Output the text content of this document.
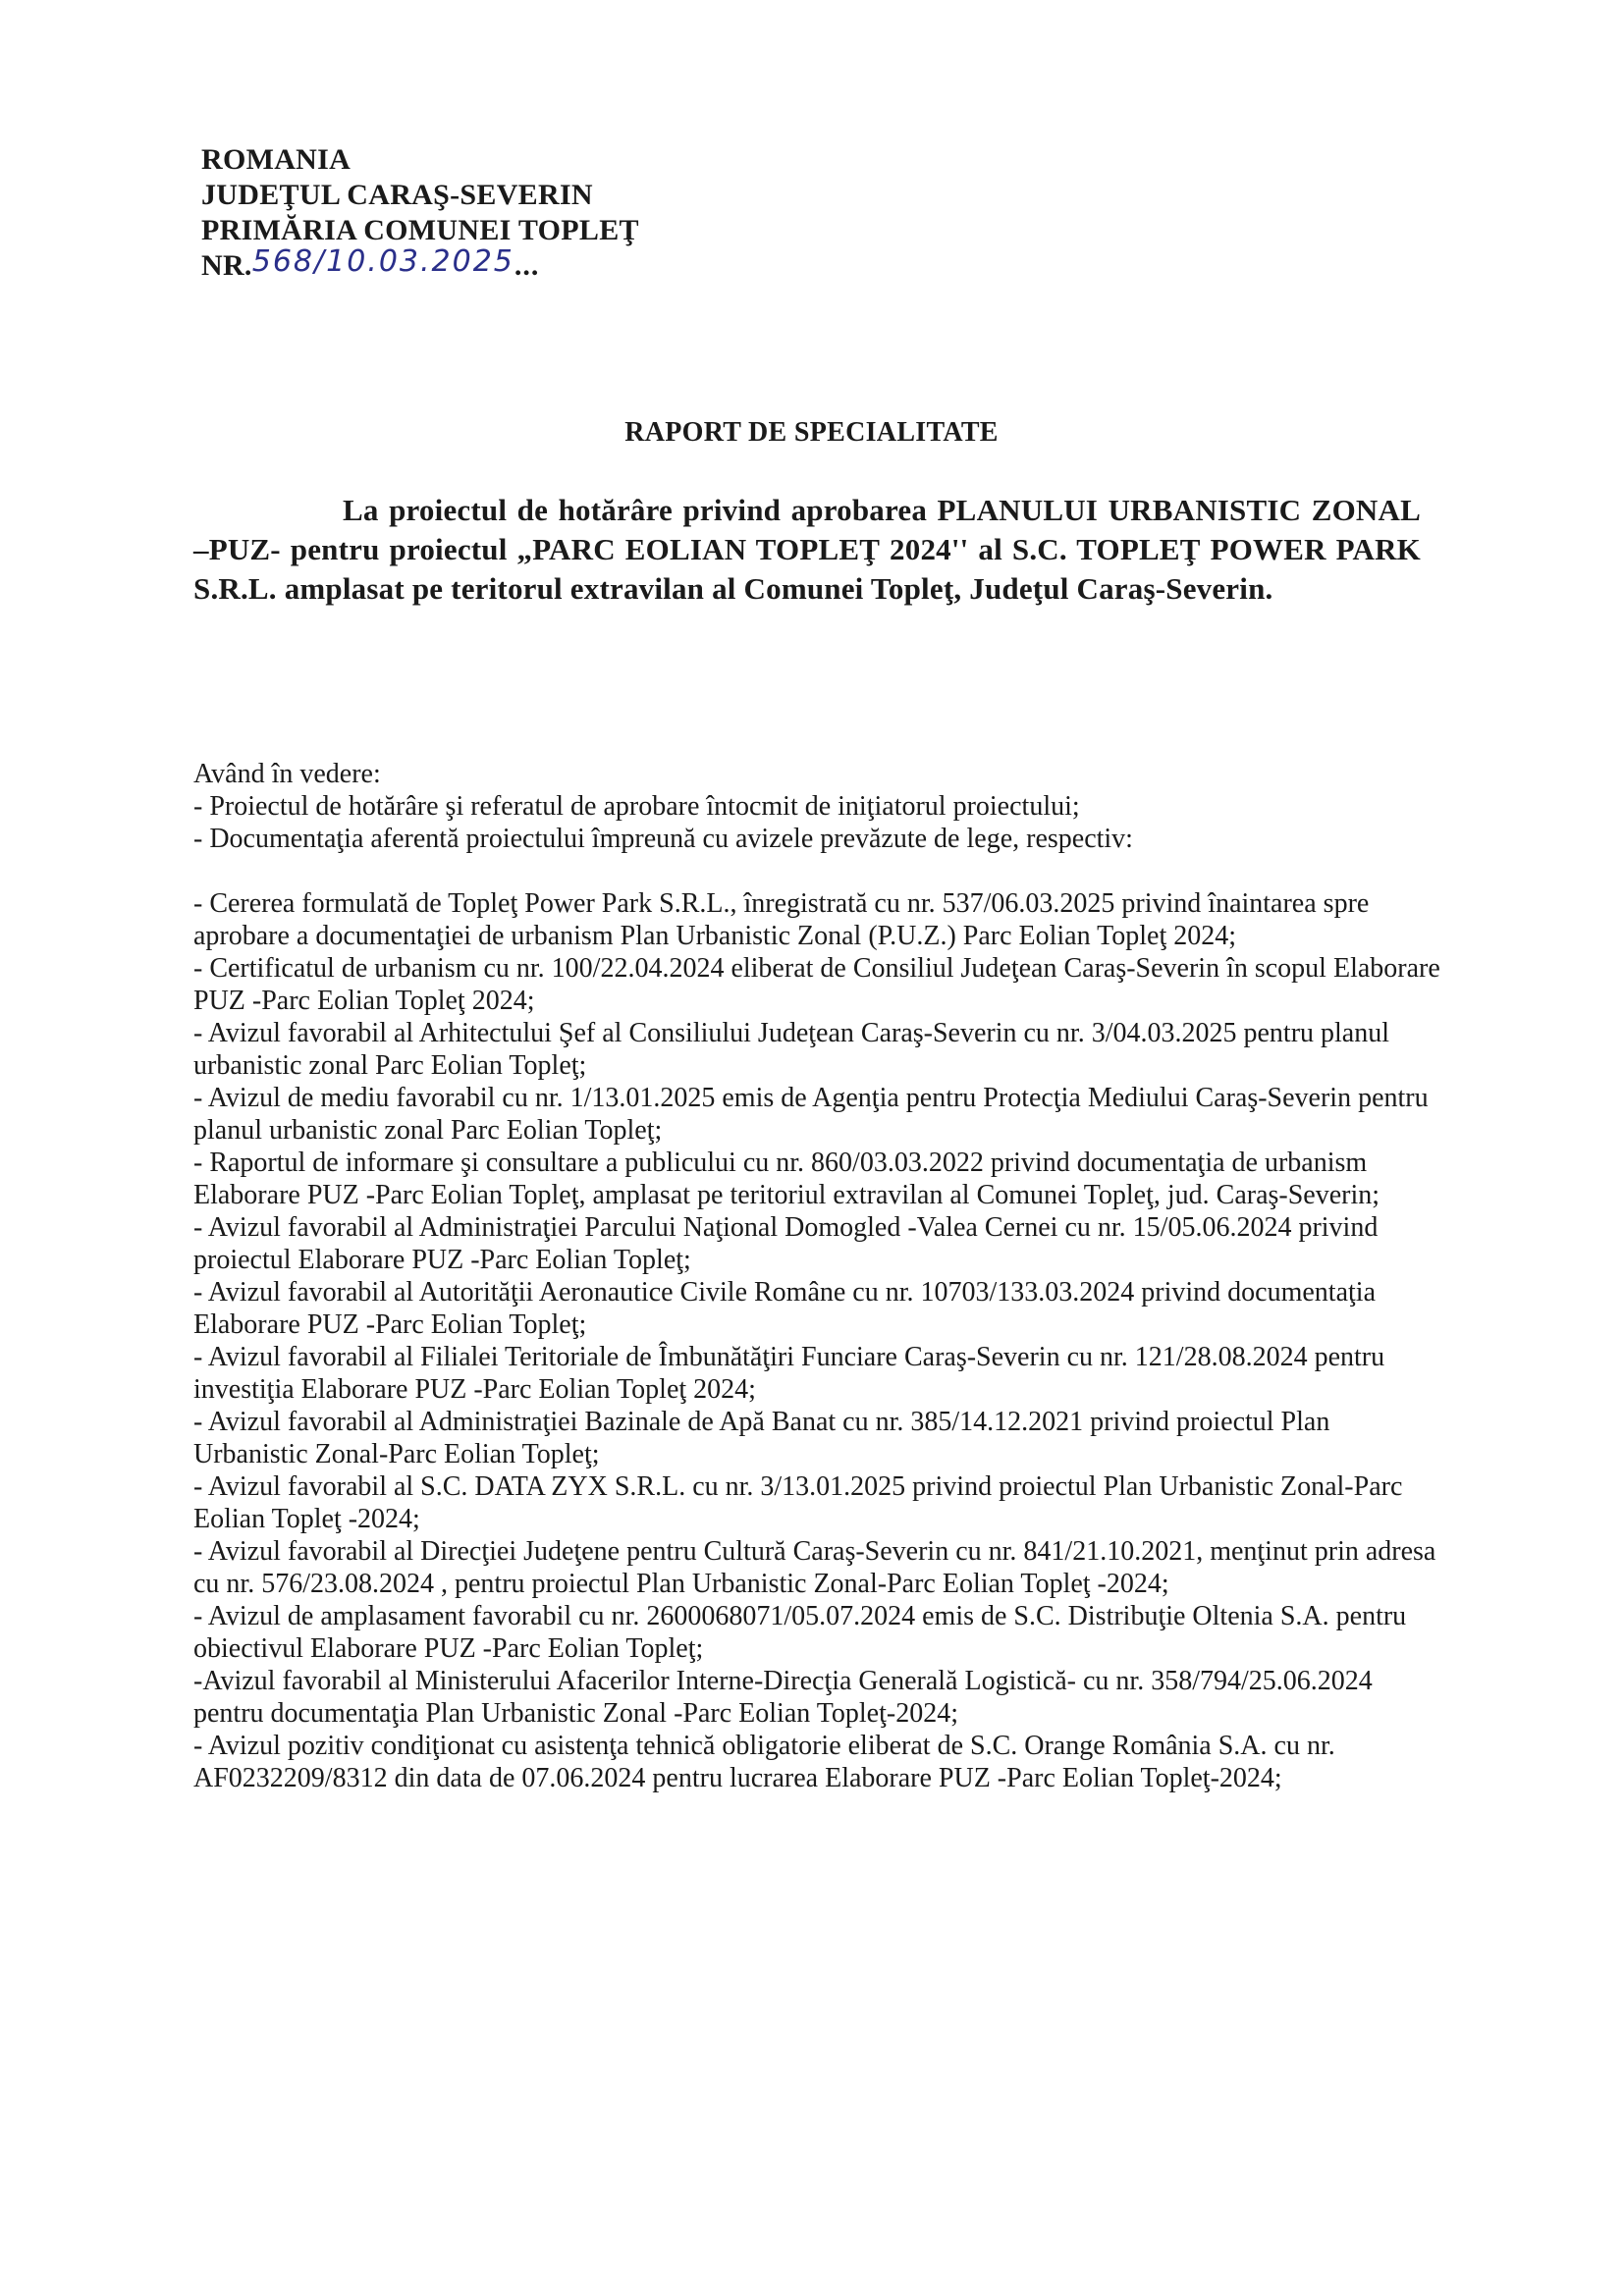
ROMANIA
JUDEŢUL CARAŞ-SEVERIN
PRIMĂRIA COMUNEI TOPLEŢ
NR.568/10.03.2025...
RAPORT DE SPECIALITATE
La proiectul de hotărâre privind aprobarea PLANULUI URBANISTIC ZONAL –PUZ- pentru proiectul „PARC EOLIAN TOPLEŢ 2024'' al S.C. TOPLEŢ POWER PARK S.R.L. amplasat pe teritorul extravilan al Comunei Topleţ, Judeţul Caraş-Severin.

Având în vedere:

- Proiectul de hotărâre şi referatul de aprobare întocmit de iniţiatorul proiectului;

- Documentaţia aferentă proiectului împreună cu avizele prevăzute de lege, respectiv:

- Cererea formulată de Topleţ Power Park S.R.L., înregistrată cu nr. 537/06.03.2025 privind înaintarea spre aprobare a documentaţiei de urbanism Plan Urbanistic Zonal (P.U.Z.) Parc Eolian Topleţ 2024;

- Certificatul de urbanism cu nr. 100/22.04.2024 eliberat de Consiliul Judeţean Caraş-Severin în scopul Elaborare PUZ -Parc Eolian Topleţ 2024;

- Avizul favorabil al Arhitectului Şef al Consiliului Judeţean Caraş-Severin cu nr. 3/04.03.2025 pentru planul urbanistic zonal Parc Eolian Topleţ;

- Avizul de mediu favorabil cu nr. 1/13.01.2025 emis de Agenţia pentru Protecţia Mediului Caraş-Severin pentru planul urbanistic zonal Parc Eolian Topleţ;

- Raportul de informare şi consultare a publicului cu nr. 860/03.03.2022 privind documentaţia de urbanism Elaborare PUZ -Parc Eolian Topleţ, amplasat pe teritoriul extravilan al Comunei Topleţ, jud. Caraş-Severin;

- Avizul favorabil al Administraţiei Parcului Naţional Domogled -Valea Cernei cu nr. 15/05.06.2024 privind proiectul Elaborare PUZ -Parc Eolian Topleţ;

- Avizul favorabil al Autorităţii Aeronautice Civile Române cu nr. 10703/133.03.2024 privind documentaţia Elaborare PUZ -Parc Eolian Topleţ;

- Avizul favorabil al Filialei Teritoriale de Îmbunătăţiri Funciare Caraş-Severin cu nr. 121/28.08.2024 pentru investiţia Elaborare PUZ -Parc Eolian Topleţ 2024;

- Avizul favorabil al Administraţiei Bazinale de Apă Banat cu nr. 385/14.12.2021 privind proiectul Plan Urbanistic Zonal-Parc Eolian Topleţ;

- Avizul favorabil al S.C. DATA ZYX S.R.L. cu nr. 3/13.01.2025 privind proiectul Plan Urbanistic Zonal-Parc Eolian Topleţ -2024;

- Avizul favorabil al Direcţiei Judeţene pentru Cultură Caraş-Severin cu nr. 841/21.10.2021, menţinut prin adresa cu nr. 576/23.08.2024 , pentru proiectul Plan Urbanistic Zonal-Parc Eolian Topleţ -2024;

- Avizul de amplasament favorabil cu nr. 2600068071/05.07.2024 emis de S.C. Distribuţie Oltenia S.A. pentru obiectivul Elaborare PUZ -Parc Eolian Topleţ;

-Avizul favorabil al Ministerului Afacerilor Interne-Direcţia Generală Logistică- cu nr. 358/794/25.06.2024 pentru documentaţia Plan Urbanistic Zonal -Parc Eolian Topleţ-2024;

- Avizul pozitiv condiţionat cu asistenţa tehnică obligatorie eliberat de S.C. Orange România S.A. cu nr. AF0232209/8312 din data de 07.06.2024 pentru lucrarea Elaborare PUZ -Parc Eolian Topleţ-2024;
